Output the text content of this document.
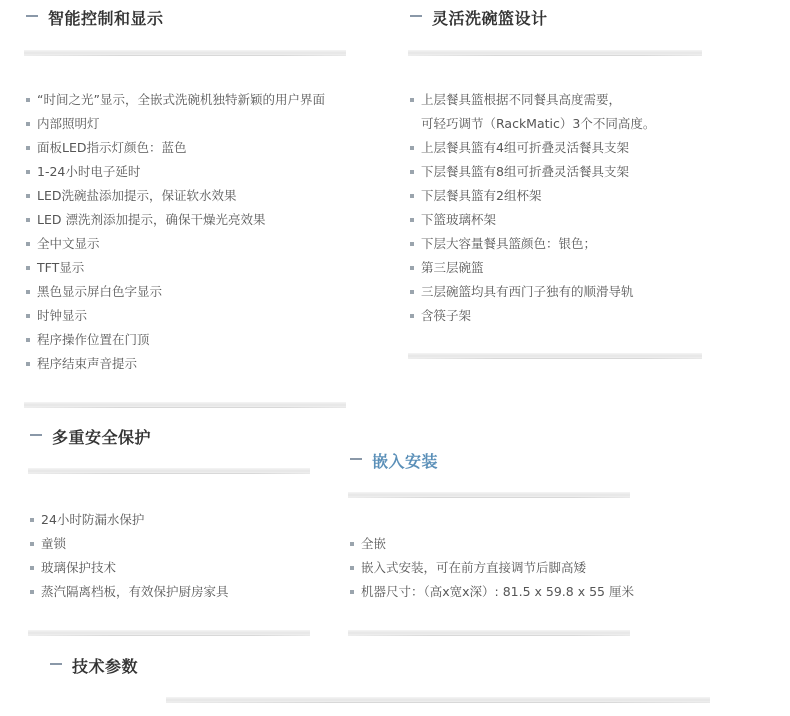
智能控制和显示
“时间之光”显示，全嵌式洗碗机独特新颖的用户界面
内部照明灯
面板LED指示灯颜色：蓝色
1-24小时电子延时
LED洗碗盐添加提示，保证软水效果
LED 漂洗剂添加提示，确保干燥光亮效果
全中文显示
TFT显示
黑色显示屏白色字显示
时钟显示
程序操作位置在门顶
程序结束声音提示
灵活洗碗篮设计
上层餐具篮根据不同餐具高度需要，
可轻巧调节（RackMatic）3个不同高度。
上层餐具篮有4组可折叠灵活餐具支架
下层餐具篮有8组可折叠灵活餐具支架
下层餐具篮有2组杯架
下篮玻璃杯架
下层大容量餐具篮颜色：银色；
第三层碗篮
三层碗篮均具有西门子独有的顺滑导轨
含筷子架
多重安全保护
24小时防漏水保护
童锁
玻璃保护技术
蒸汽隔离档板，有效保护厨房家具
嵌入安装
全嵌
嵌入式安装，可在前方直接调节后脚高矮
机器尺寸：（高x宽x深）: 81.5 x 59.8 x 55 厘米
技术参数
